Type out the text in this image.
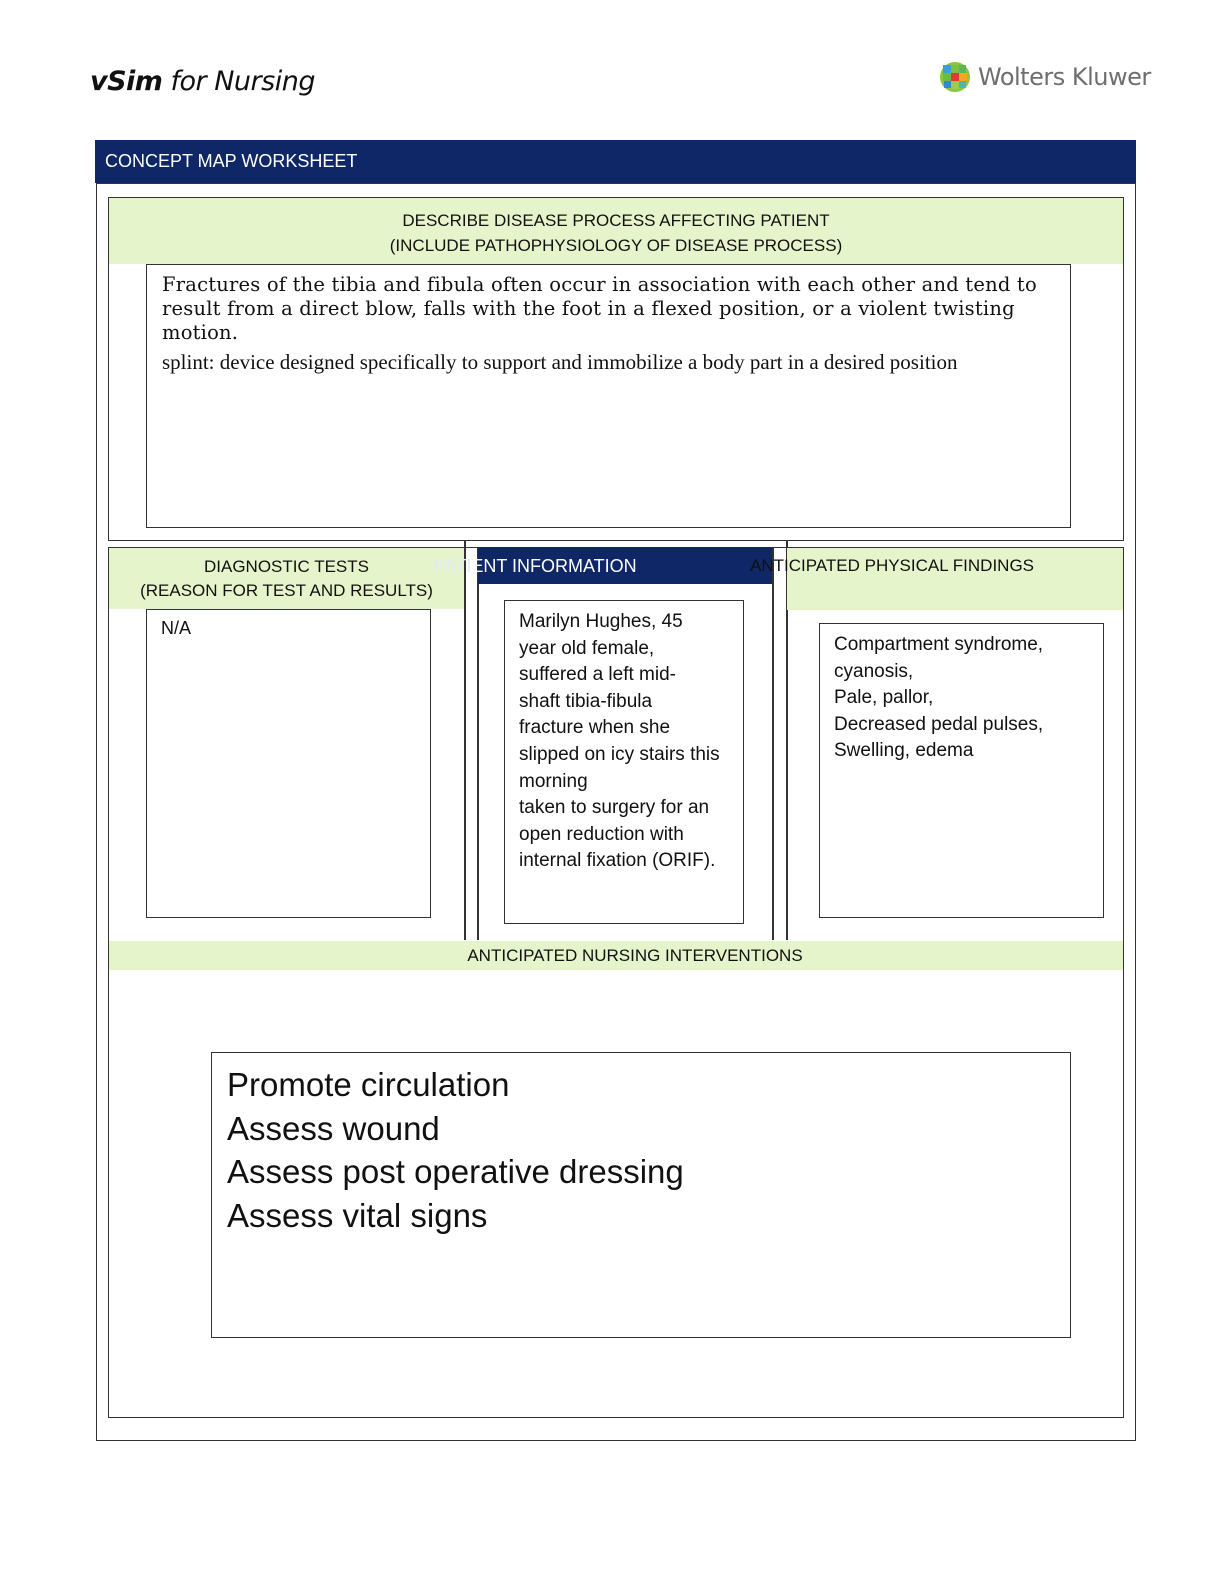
vSim for Nursing	Wolters Kluwer
CONCEPT MAP WORKSHEET
DESCRIBE DISEASE PROCESS AFFECTING PATIENT
(INCLUDE PATHOPHYSIOLOGY OF DISEASE PROCESS)
Fractures of the tibia and fibula often occur in association with each other and tend to result from a direct blow, falls with the foot in a flexed position, or a violent twisting motion.
splint: device designed specifically to support and immobilize a body part in a desired position
DIAGNOSTIC TESTS
(REASON FOR TEST AND RESULTS)
N/A
PATIENT INFORMATION
Marilyn Hughes, 45
year old female,
suffered a left mid-
shaft tibia-fibula
fracture when she
slipped on icy stairs this
morning
taken to surgery for an
open reduction with
internal fixation (ORIF).
ANTICIPATED PHYSICAL FINDINGS
Compartment syndrome,
cyanosis,
Pale, pallor,
Decreased pedal pulses,
Swelling, edema
ANTICIPATED NURSING INTERVENTIONS
Promote circulation
Assess wound
Assess post operative dressing
Assess vital signs
